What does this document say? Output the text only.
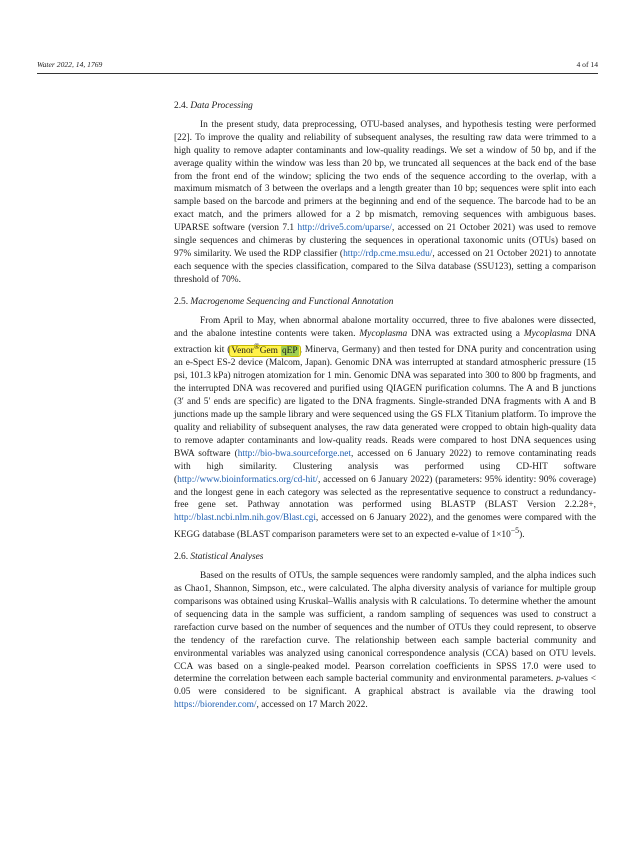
Water 2022, 14, 1769	4 of 14
2.4. Data Processing

In the present study, data preprocessing, OTU-based analyses, and hypothesis testing were performed [22]. To improve the quality and reliability of subsequent analyses, the resulting raw data were trimmed to a high quality to remove adapter contaminants and low-quality readings. We set a window of 50 bp, and if the average quality within the window was less than 20 bp, we truncated all sequences at the back end of the base from the front end of the window; splicing the two ends of the sequence according to the overlap, with a maximum mismatch of 3 between the overlaps and a length greater than 10 bp; sequences were split into each sample based on the barcode and primers at the beginning and end of the sequence. The barcode had to be an exact match, and the primers allowed for a 2 bp mismatch, removing sequences with ambiguous bases. UPARSE software (version 7.1 http://drive5.com/uparse/, accessed on 21 October 2021) was used to remove single sequences and chimeras by clustering the sequences in operational taxonomic units (OTUs) based on 97% similarity. We used the RDP classifier (http://rdp.cme.msu.edu/, accessed on 21 October 2021) to annotate each sequence with the species classification, compared to the Silva database (SSU123), setting a comparison threshold of 70%.

2.5. Macrogenome Sequencing and Functional Annotation

From April to May, when abnormal abalone mortality occurred, three to five abalones were dissected, and the abalone intestine contents were taken. Mycoplasma DNA was extracted using a Mycoplasma DNA extraction kit (Venor®Gem qEP , Minerva, Germany) and then tested for DNA purity and concentration using an e-Spect ES-2 device (Malcom, Japan). Genomic DNA was interrupted at standard atmospheric pressure (15 psi, 101.3 kPa) nitrogen atomization for 1 min. Genomic DNA was separated into 300 to 800 bp fragments, and the interrupted DNA was recovered and purified using QIAGEN purification columns. The A and B junctions (3′ and 5′ ends are specific) are ligated to the DNA fragments. Single-stranded DNA fragments with A and B junctions made up the sample library and were sequenced using the GS FLX Titanium platform. To improve the quality and reliability of subsequent analyses, the raw data generated were cropped to obtain high-quality data to remove adapter contaminants and low-quality reads. Reads were compared to host DNA sequences using BWA software (http://bio-bwa.sourceforge.net, accessed on 6 January 2022) to remove contaminating reads with high similarity. Clustering analysis was performed using CD-HIT software (http://www.bioinformatics.org/cd-hit/, accessed on 6 January 2022) (parameters: 95% identity: 90% coverage) and the longest gene in each category was selected as the representative sequence to construct a redundancy-free gene set. Pathway annotation was performed using BLASTP (BLAST Version 2.2.28+, http://blast.ncbi.nlm.nih.gov/Blast.cgi, accessed on 6 January 2022), and the genomes were compared with the KEGG database (BLAST comparison parameters were set to an expected e-value of $1\times 10^{-5}$).

2.6. Statistical Analyses

Based on the results of OTUs, the sample sequences were randomly sampled, and the alpha indices such as Chao1, Shannon, Simpson, etc., were calculated. The alpha diversity analysis of variance for multiple group comparisons was obtained using Kruskal–Wallis analysis with R calculations. To determine whether the amount of sequencing data in the sample was sufficient, a random sampling of sequences was used to construct a rarefaction curve based on the number of sequences and the number of OTUs they could represent, to observe the tendency of the rarefaction curve. The relationship between each sample bacterial community and environmental variables was analyzed using canonical correspondence analysis (CCA) based on OTU levels. CCA was based on a single-peaked model. Pearson correlation coefficients in SPSS 17.0 were used to determine the correlation between each sample bacterial community and environmental parameters. p-values < 0.05 were considered to be significant. A graphical abstract is available via the drawing tool https://biorender.com/, accessed on 17 March 2022.
